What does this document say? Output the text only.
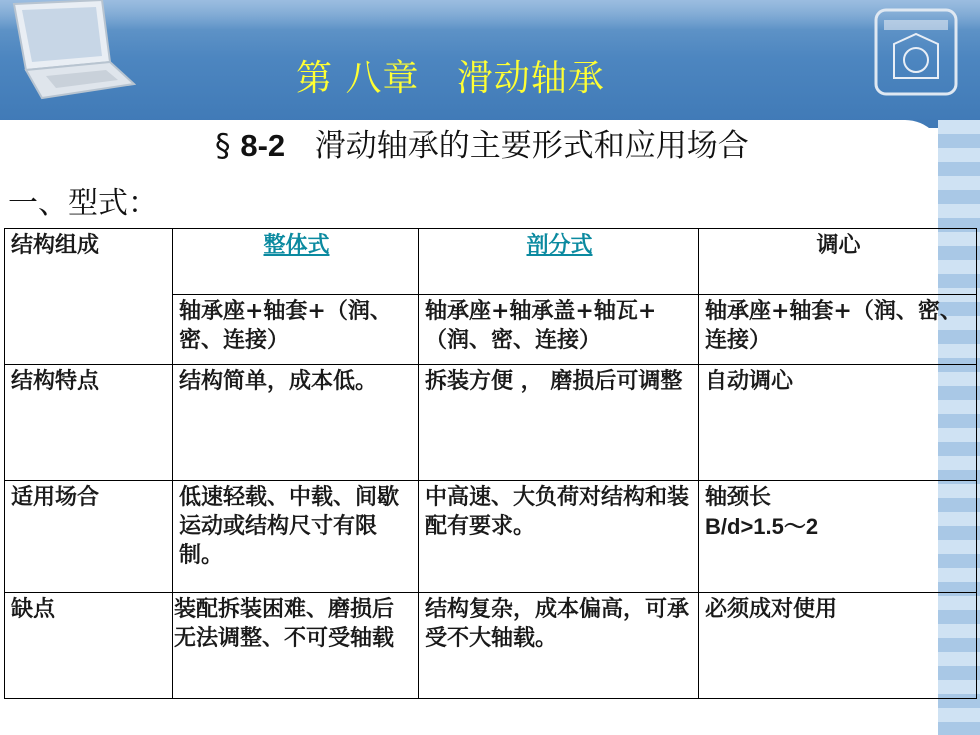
第 八章   滑动轴承
§ 8-2   滑动轴承的主要形式和应用场合
一、型式：
结构组成	整体式	剖分式	调心
	轴承座+轴套+（润、密、连接）	轴承座+轴承盖+轴瓦+（润、密、连接）	轴承座+轴套+（润、密、连接）
结构特点	结构简单，成本低。	拆装方便 ， 磨损后可调整	自动调心
适用场合	低速轻载、中载、间歇运动或结构尺寸有限制。	中高速、大负荷对结构和装配有要求。	轴颈长
B/d>1.5～2

缺点	装配拆装困难、磨损后无法调整、不可受轴载	结构复杂，成本偏高，可承受不大轴载。	必须成对使用
